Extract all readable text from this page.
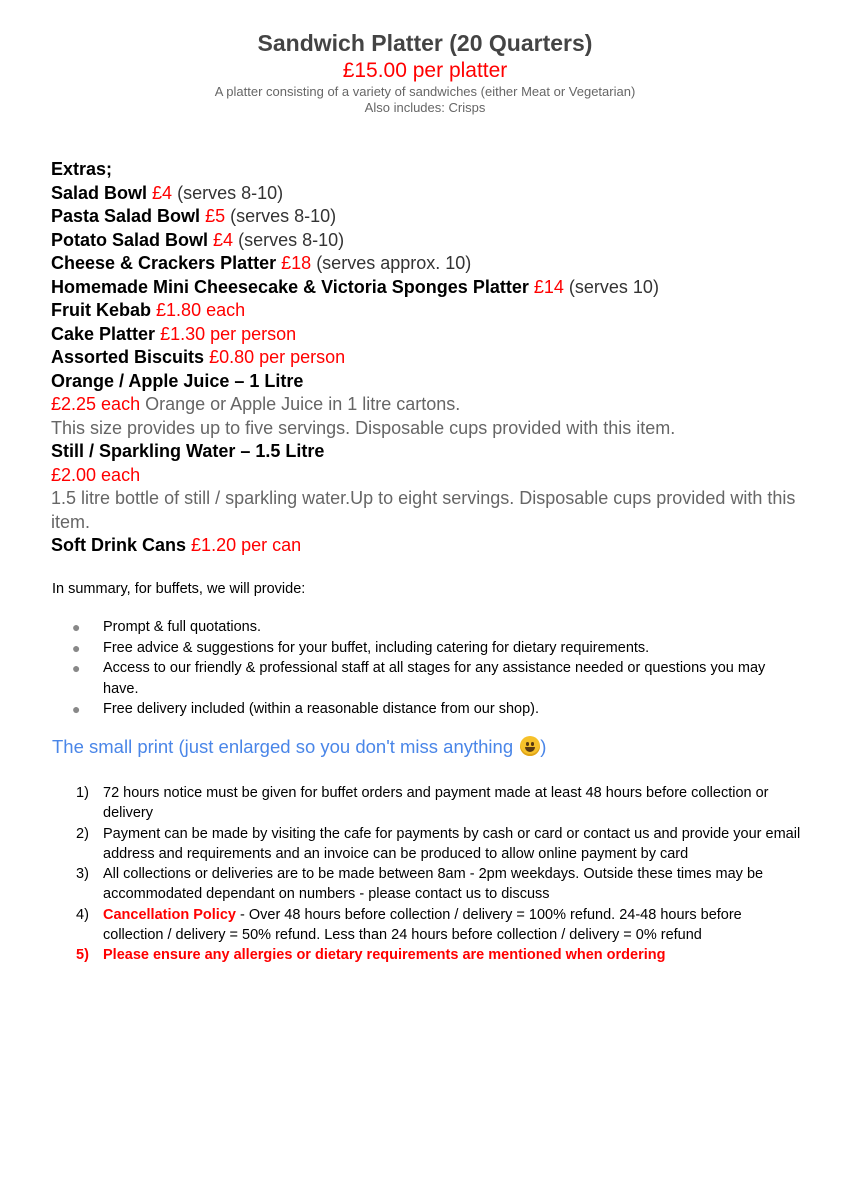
Sandwich Platter (20 Quarters)
£15.00 per platter
A platter consisting of a variety of sandwiches (either Meat or Vegetarian)
Also includes: Crisps
Extras;
Salad Bowl £4 (serves 8-10)
Pasta Salad Bowl £5 (serves 8-10)
Potato Salad Bowl £4 (serves 8-10)
Cheese & Crackers Platter £18 (serves approx. 10)
Homemade Mini Cheesecake & Victoria Sponges Platter £14 (serves 10)
Fruit Kebab £1.80 each
Cake Platter £1.30 per person
Assorted Biscuits £0.80 per person
Orange / Apple Juice – 1 Litre
£2.25 each Orange or Apple Juice in 1 litre cartons.
This size provides up to five servings. Disposable cups provided with this item.
Still / Sparkling Water – 1.5 Litre
£2.00 each
1.5 litre bottle of still / sparkling water.Up to eight servings. Disposable cups provided with this item.
Soft Drink Cans £1.20 per can
In summary, for buffets, we will provide:
● Prompt & full quotations.
● Free advice & suggestions for your buffet, including catering for dietary requirements.
● Access to our friendly & professional staff at all stages for any assistance needed or questions you may have.
● Free delivery included (within a reasonable distance from our shop).
The small print (just enlarged so you don't miss anything
)
1) 72 hours notice must be given for buffet orders and payment made at least 48 hours before collection or delivery
2) Payment can be made by visiting the cafe for payments by cash or card or contact us and provide your email address and requirements and an invoice can be produced to allow online payment by card
3) All collections or deliveries are to be made between 8am - 2pm weekdays. Outside these times may be accommodated dependant on numbers - please contact us to discuss
4) Cancellation Policy - Over 48 hours before collection / delivery = 100% refund. 24-48 hours before collection / delivery = 50% refund. Less than 24 hours before collection / delivery = 0% refund
5) Please ensure any allergies or dietary requirements are mentioned when ordering
